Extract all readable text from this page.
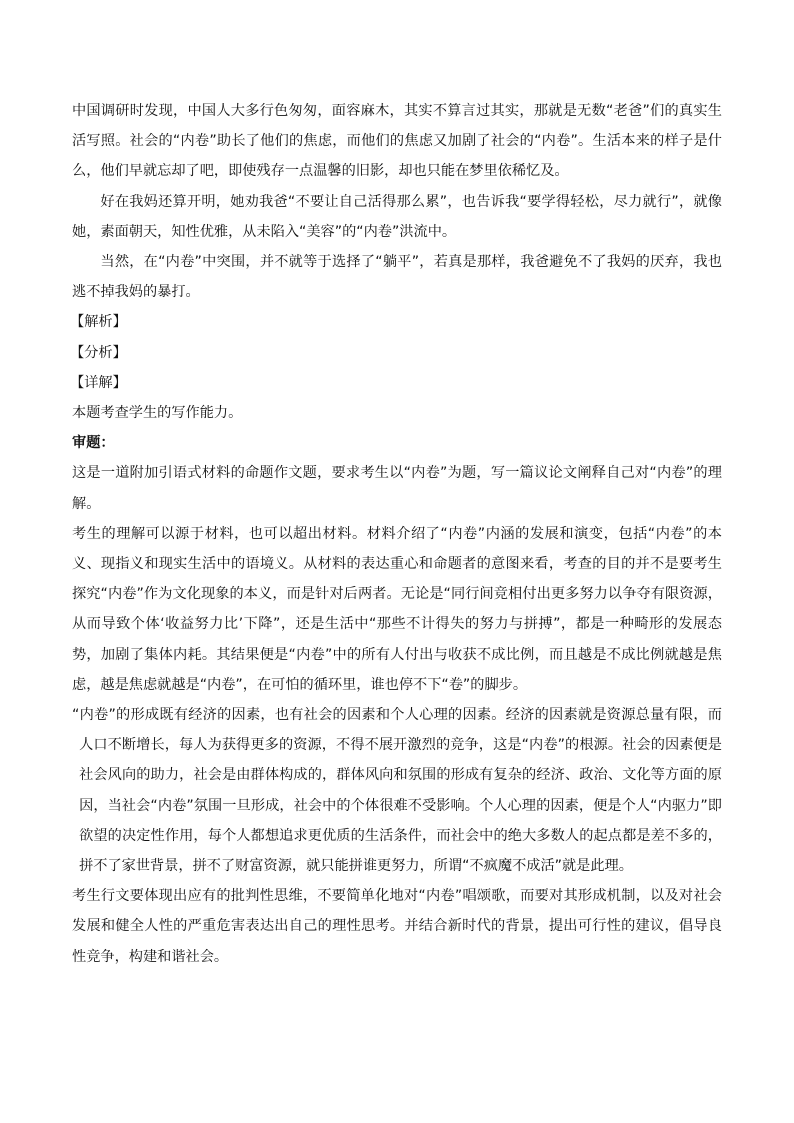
中国调研时发现，中国人大多行色匆匆，面容麻木，其实不算言过其实，那就是无数“老爸”们的真实生活写照。社会的“内卷”助长了他们的焦虑，而他们的焦虑又加剧了社会的“内卷”。生活本来的样子是什么，他们早就忘却了吧，即使残存一点温馨的旧影，却也只能在梦里依稀忆及。

好在我妈还算开明，她劝我爸“不要让自己活得那么累”，也告诉我“要学得轻松，尽力就行”，就像她，素面朝天，知性优雅，从未陷入“美容”的“内卷”洪流中。

当然，在“内卷”中突围，并不就等于选择了“躺平”，若真是那样，我爸避免不了我妈的厌弃，我也逃不掉我妈的暴打。

【解析】

【分析】

【详解】

本题考查学生的写作能力。

审题：

这是一道附加引语式材料的命题作文题，要求考生以“内卷”为题，写一篇议论文阐释自己对“内卷”的理解。

考生的理解可以源于材料，也可以超出材料。材料介绍了“内卷”内涵的发展和演变，包括“内卷”的本义、现指义和现实生活中的语境义。从材料的表达重心和命题者的意图来看，考查的目的并不是要考生探究“内卷”作为文化现象的本义，而是针对后两者。无论是“同行间竞相付出更多努力以争夺有限资源，从而导致个体‘收益努力比’下降”，还是生活中“那些不计得失的努力与拼搏”，都是一种畸形的发展态势，加剧了集体内耗。其结果便是“内卷”中的所有人付出与收获不成比例，而且越是不成比例就越是焦虑，越是焦虑就越是“内卷”，在可怕的循环里，谁也停不下“卷”的脚步。

“内卷”的形成既有经济的因素，也有社会的因素和个人心理的因素。经济的因素就是资源总量有限，而人口不断增长，每人为获得更多的资源，不得不展开激烈的竞争，这是“内卷”的根源。社会的因素便是社会风向的助力，社会是由群体构成的，群体风向和氛围的形成有复杂的经济、政治、文化等方面的原因，当社会“内卷”氛围一旦形成，社会中的个体很难不受影响。个人心理的因素，便是个人“内驱力”即欲望的决定性作用，每个人都想追求更优质的生活条件，而社会中的绝大多数人的起点都是差不多的，拼不了家世背景，拼不了财富资源，就只能拼谁更努力，所谓“不疯魔不成活”就是此理。

考生行文要体现出应有的批判性思维，不要简单化地对“内卷”唱颂歌，而要对其形成机制，以及对社会发展和健全人性的严重危害表达出自己的理性思考。并结合新时代的背景，提出可行性的建议，倡导良性竞争，构建和谐社会。
